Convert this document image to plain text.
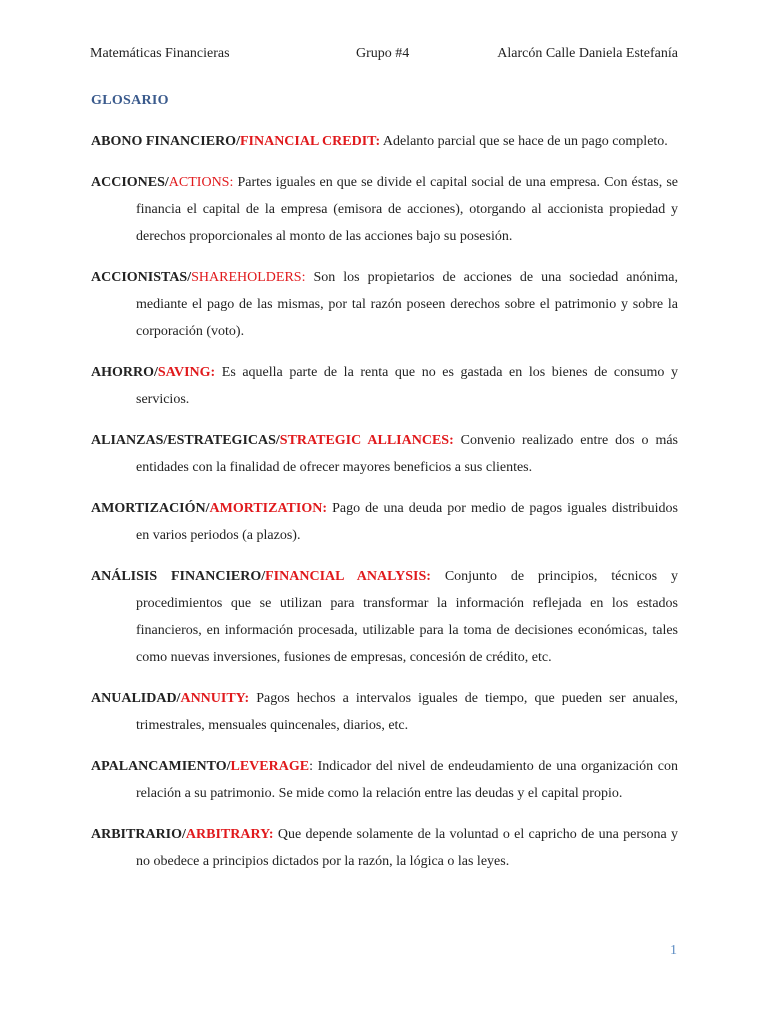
Matemáticas Financieras	Grupo #4	Alarcón Calle Daniela Estefanía
GLOSARIO

ABONO FINANCIERO/FINANCIAL CREDIT: Adelanto parcial que se hace de un pago completo.

ACCIONES/ACTIONS: Partes iguales en que se divide el capital social de una empresa. Con éstas, se financia el capital de la empresa (emisora de acciones), otorgando al accionista propiedad y derechos proporcionales al monto de las acciones bajo su posesión.

ACCIONISTAS/SHAREHOLDERS: Son los propietarios de acciones de una sociedad anónima, mediante el pago de las mismas, por tal razón poseen derechos sobre el patrimonio y sobre la corporación (voto).

AHORRO/SAVING: Es aquella parte de la renta que no es gastada en los bienes de consumo y servicios.

ALIANZAS/ESTRATEGICAS/STRATEGIC ALLIANCES: Convenio realizado entre dos o más entidades con la finalidad de ofrecer mayores beneficios a sus clientes.

AMORTIZACIÓN/AMORTIZATION: Pago de una deuda por medio de pagos iguales distribuidos en varios periodos (a plazos).

ANÁLISIS FINANCIERO/FINANCIAL ANALYSIS: Conjunto de principios, técnicos y procedimientos que se utilizan para transformar la información reflejada en los estados financieros, en información procesada, utilizable para la toma de decisiones económicas, tales como nuevas inversiones, fusiones de empresas, concesión de crédito, etc.

ANUALIDAD/ANNUITY: Pagos hechos a intervalos iguales de tiempo, que pueden ser anuales, trimestrales, mensuales quincenales, diarios, etc.

APALANCAMIENTO/LEVERAGE: Indicador del nivel de endeudamiento de una organización con relación a su patrimonio. Se mide como la relación entre las deudas y el capital propio.

ARBITRARIO/ARBITRARY: Que depende solamente de la voluntad o el capricho de una persona y no obedece a principios dictados por la razón, la lógica o las leyes.

1
